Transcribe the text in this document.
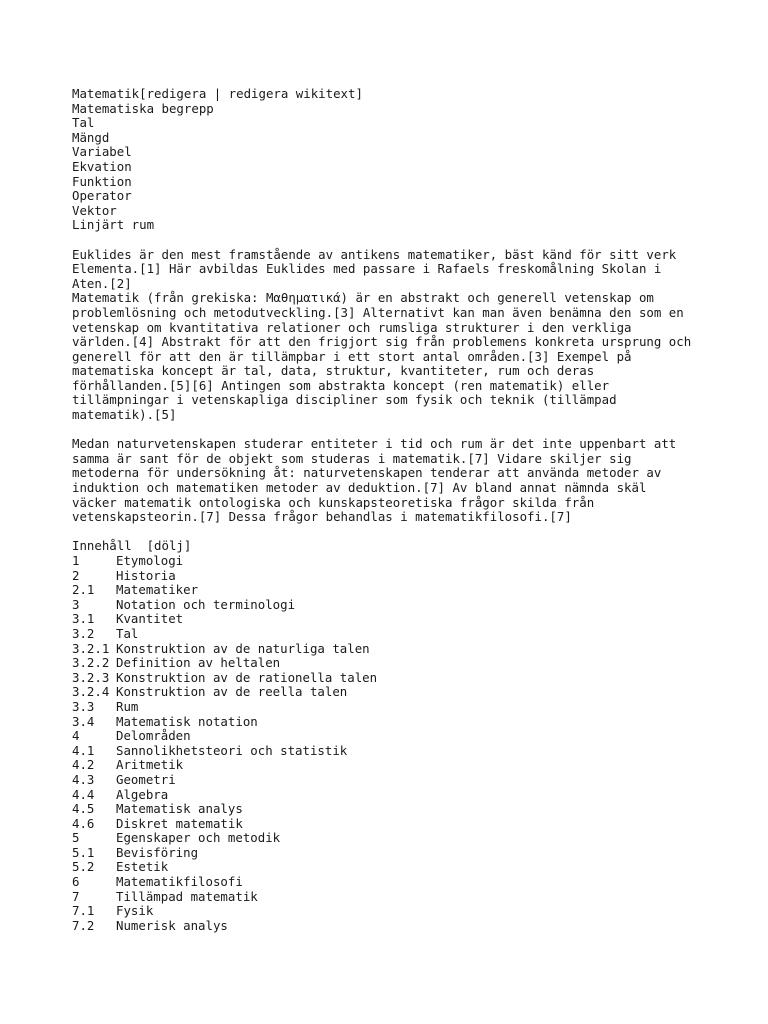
Matematik[redigera | redigera wikitext]
Matematiska begrepp
Tal
Mängd
Variabel
Ekvation
Funktion
Operator
Vektor
Linjärt rum
Euklides är den mest framstående av antikens matematiker, bäst känd för sitt verk
Elementa.[1] Här avbildas Euklides med passare i Rafaels freskomålning Skolan i
Aten.[2]
Matematik (från grekiska: Μαθηματικά) är en abstrakt och generell vetenskap om
problemlösning och metodutveckling.[3] Alternativt kan man även benämna den som en
vetenskap om kvantitativa relationer och rumsliga strukturer i den verkliga
världen.[4] Abstrakt för att den frigjort sig från problemens konkreta ursprung och
generell för att den är tillämpbar i ett stort antal områden.[3] Exempel på
matematiska koncept är tal, data, struktur, kvantiteter, rum och deras
förhållanden.[5][6] Antingen som abstrakta koncept (ren matematik) eller
tillämpningar i vetenskapliga discipliner som fysik och teknik (tillämpad
matematik).[5]
Medan naturvetenskapen studerar entiteter i tid och rum är det inte uppenbart att
samma är sant för de objekt som studeras i matematik.[7] Vidare skiljer sig
metoderna för undersökning åt: naturvetenskapen tenderar att använda metoder av
induktion och matematiken metoder av deduktion.[7] Av bland annat nämnda skäl
väcker matematik ontologiska och kunskapsteoretiska frågor skilda från
vetenskapsteorin.[7] Dessa frågor behandlas i matematikfilosofi.[7]
Innehåll  [dölj]
1	Etymologi
2	Historia
2.1	Matematiker
3	Notation och terminologi
3.1	Kvantitet
3.2	Tal
3.2.1 Konstruktion av de naturliga talen
3.2.2 Definition av heltalen
3.2.3 Konstruktion av de rationella talen
3.2.4 Konstruktion av de reella talen
3.3	Rum
3.4	Matematisk notation
4	Delområden
4.1	Sannolikhetsteori och statistik
4.2	Aritmetik
4.3	Geometri
4.4	Algebra
4.5	Matematisk analys
4.6	Diskret matematik
5	Egenskaper och metodik
5.1	Bevisföring
5.2	Estetik
6	Matematikfilosofi
7	Tillämpad matematik
7.1	Fysik
7.2	Numerisk analys
